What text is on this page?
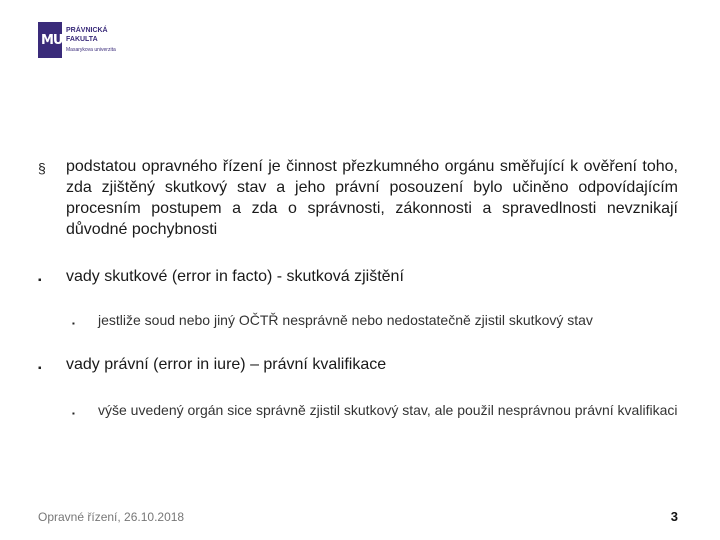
MU
PRÁVNICKÁ
FAKULTA
Masarykova univerzita
§ podstatou opravného řízení je činnost přezkumného orgánu směřující k ověření toho, zda zjištěný skutkový stav a jeho právní posouzení bylo učiněno odpovídajícím procesním postupem a zda o správnosti, zákonnosti a spravedlnosti nevznikají důvodné pochybnosti
▪ vady skutkové (error in facto) - skutková zjištění
▪ jestliže soud nebo jiný OČTŘ nesprávně nebo nedostatečně zjistil skutkový stav
▪ vady právní (error in iure) – právní kvalifikace
▪ výše uvedený orgán sice správně zjistil skutkový stav, ale použil nesprávnou právní kvalifikaci
Opravné řízení, 26.10.2018	3
